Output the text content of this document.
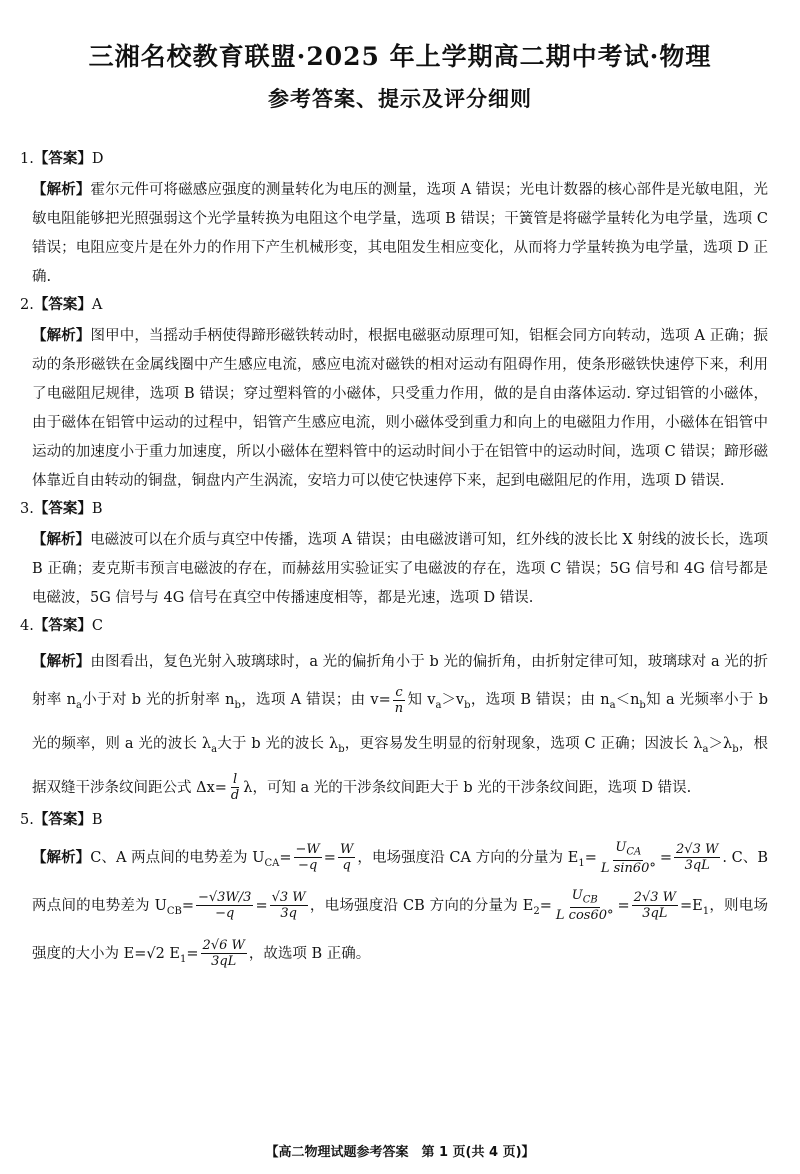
三湘名校教育联盟·2025 年上学期高二期中考试·物理
参考答案、提示及评分细则

1.【答案】D

【解析】霍尔元件可将磁感应强度的测量转化为电压的测量，选项 A 错误；光电计数器的核心部件是光敏电阻，光敏电阻能够把光照强弱这个光学量转换为电阻这个电学量，选项 B 错误；干簧管是将磁学量转化为电学量，选项 C 错误；电阻应变片是在外力的作用下产生机械形变，其电阻发生相应变化，从而将力学量转换为电学量，选项 D 正确.

2.【答案】A

【解析】图甲中，当摇动手柄使得蹄形磁铁转动时，根据电磁驱动原理可知，铝框会同方向转动，选项 A 正确；振动的条形磁铁在金属线圈中产生感应电流，感应电流对磁铁的相对运动有阻碍作用，使条形磁铁快速停下来，利用了电磁阻尼规律，选项 B 错误；穿过塑料管的小磁体，只受重力作用，做的是自由落体运动. 穿过铝管的小磁体，由于磁体在铝管中运动的过程中，铝管产生感应电流，则小磁体受到重力和向上的电磁阻力作用，小磁体在铝管中运动的加速度小于重力加速度，所以小磁体在塑料管中的运动时间小于在铝管中的运动时间，选项 C 错误；蹄形磁体靠近自由转动的铜盘，铜盘内产生涡流，安培力可以使它快速停下来，起到电磁阻尼的作用，选项 D 错误.

3.【答案】B

【解析】电磁波可以在介质与真空中传播，选项 A 错误；由电磁波谱可知，红外线的波长比 X 射线的波长长，选项 B 正确；麦克斯韦预言电磁波的存在，而赫兹用实验证实了电磁波的存在，选项 C 错误；5G 信号和 4G 信号都是电磁波，5G 信号与 4G 信号在真空中传播速度相等，都是光速，选项 D 错误.

4.【答案】C

【解析】由图看出，复色光射入玻璃球时，a 光的偏折角小于 b 光的偏折角，由折射定律可知，玻璃球对 a 光的折射率 $n_a$小于对 b 光的折射率 $n_b$，选项 A 错误；由 $v= \frac{c}{n}$ 知 $v_a>v_b$，选项 B 错误；由 $n_a<n_b$知 a 光频率小于 b 光的频率，则 a 光的波长 $\lambda_a$大于 b 光的波长 $\lambda_b$，更容易发生明显的衍射现象，选项 C 正确；因波长 $\lambda_a>\lambda_b$，根据双缝干涉条纹间距公式 $\Delta x= \frac{l}{d}$ λ，可知 a 光的干涉条纹间距大于 b 光的干涉条纹间距，选项 D 错误.

5.【答案】B

【解析】C、A 两点间的电势差为 $U_{CA}= \frac{-W}{-q} = \frac{W}{q}$ ，电场强度沿 CA 方向的分量为 $E_1= \frac{U_{CA}}{\text{L sin60°}} = \frac{2√3 W}{3qL}$ . C、B 两点间的电势差为 $U_{CB}= \frac{-√3W/3}{-q} = \frac{√3 W}{3q}$ ，电场强度沿 CB 方向的分量为 $E_2= \frac{U_{CB}}{\text{L cos60°}} = \frac{2√3 W}{3qL} =E_1$，则电场强度的大小为 E=√2 $E_1= \frac{2√6 W}{3qL}$ ，故选项 B 正确。

【高二物理试题参考答案　第 1 页(共 4 页)】
